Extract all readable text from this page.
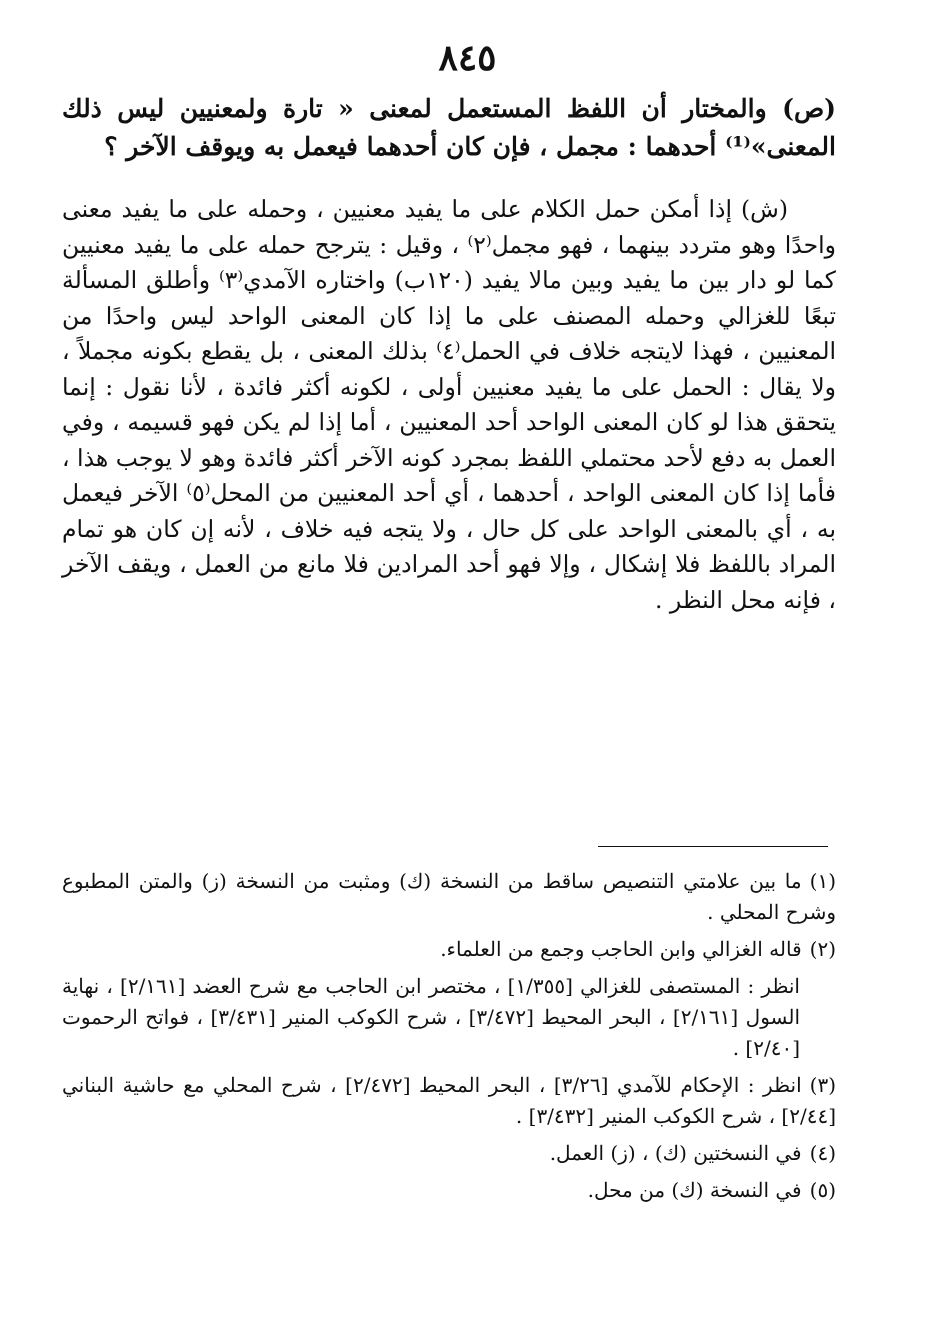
٨٤٥
(ص) والمختار أن اللفظ المستعمل لمعنى « تارة ولمعنيين ليس ذلك المعنى»⁽¹⁾ أحدهما : مجمل ، فإن كان أحدهما فيعمل به ويوقف الآخر ؟
(ش) إذا أمكن حمل الكلام على ما يفيد معنيين ، وحمله على ما يفيد معنى واحدًا وهو متردد بينهما ، فهو مجمل⁽٢⁾ ، وقيل : يترجح حمله على ما يفيد معنيين كما لو دار بين ما يفيد وبين مالا يفيد (١٢٠ب) واختاره الآمدي⁽٣⁾ وأطلق المسألة تبعًا للغزالي وحمله المصنف على ما إذا كان المعنى الواحد ليس واحدًا من المعنيين ، فهذا لايتجه خلاف في الحمل⁽٤⁾ بذلك المعنى ، بل يقطع بكونه مجملاً ، ولا يقال : الحمل على ما يفيد معنيين أولى ، لكونه أكثر فائدة ، لأنا نقول : إنما يتحقق هذا لو كان المعنى الواحد أحد المعنيين ، أما إذا لم يكن فهو قسيمه ، وفي العمل به دفع لأحد محتملي اللفظ بمجرد كونه الآخر أكثر فائدة وهو لا يوجب هذا ، فأما إذا كان المعنى الواحد ، أحدهما ، أي أحد المعنيين من المحل⁽٥⁾ الآخر فيعمل به ، أي بالمعنى الواحد على كل حال ، ولا يتجه فيه خلاف ، لأنه إن كان هو تمام المراد باللفظ فلا إشكال ، وإلا فهو أحد المرادين فلا مانع من العمل ، ويقف الآخر ، فإنه محل النظر .

(١)ما بين علامتي التنصيص ساقط من النسخة (ك) ومثبت من النسخة (ز) والمتن المطبوع وشرح المحلي .

(٢)قاله الغزالي وابن الحاجب وجمع من العلماء.

انظر : المستصفى للغزالي [١/٣٥٥] ، مختصر ابن الحاجب مع شرح العضد [٢/١٦١] ، نهاية السول [٢/١٦١] ، البحر المحيط [٣/٤٧٢] ، شرح الكوكب المنير [٣/٤٣١] ، فواتح الرحموت [٢/٤٠] .

(٣)انظر : الإحكام للآمدي [٣/٢٦] ، البحر المحيط [٢/٤٧٢] ، شرح المحلي مع حاشية البناني [٢/٤٤] ، شرح الكوكب المنير [٣/٤٣٢] .

(٤)في النسختين (ك) ، (ز) العمل.

(٥)في النسخة (ك) من محل.
